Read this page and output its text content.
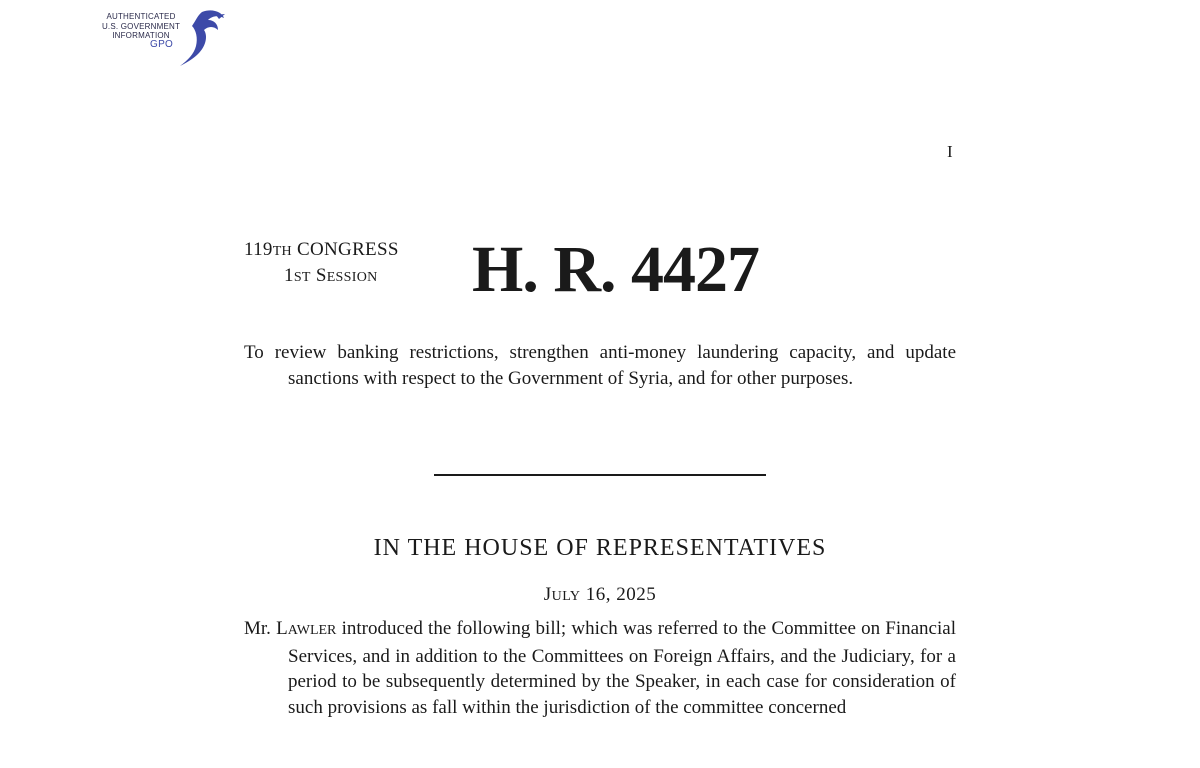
AUTHENTICATED
U.S. GOVERNMENT
INFORMATION
GPO
I
119TH CONGRESS
1ST SESSION	H. R. 4427
To review banking restrictions, strengthen anti-money laundering capacity, and update sanctions with respect to the Government of Syria, and for other purposes.
IN THE HOUSE OF REPRESENTATIVES
JULY 16, 2025
Mr. LAWLER introduced the following bill; which was referred to the Committee on Financial Services, and in addition to the Committees on Foreign Affairs, and the Judiciary, for a period to be subsequently determined by the Speaker, in each case for consideration of such provisions as fall within the jurisdiction of the committee concerned
